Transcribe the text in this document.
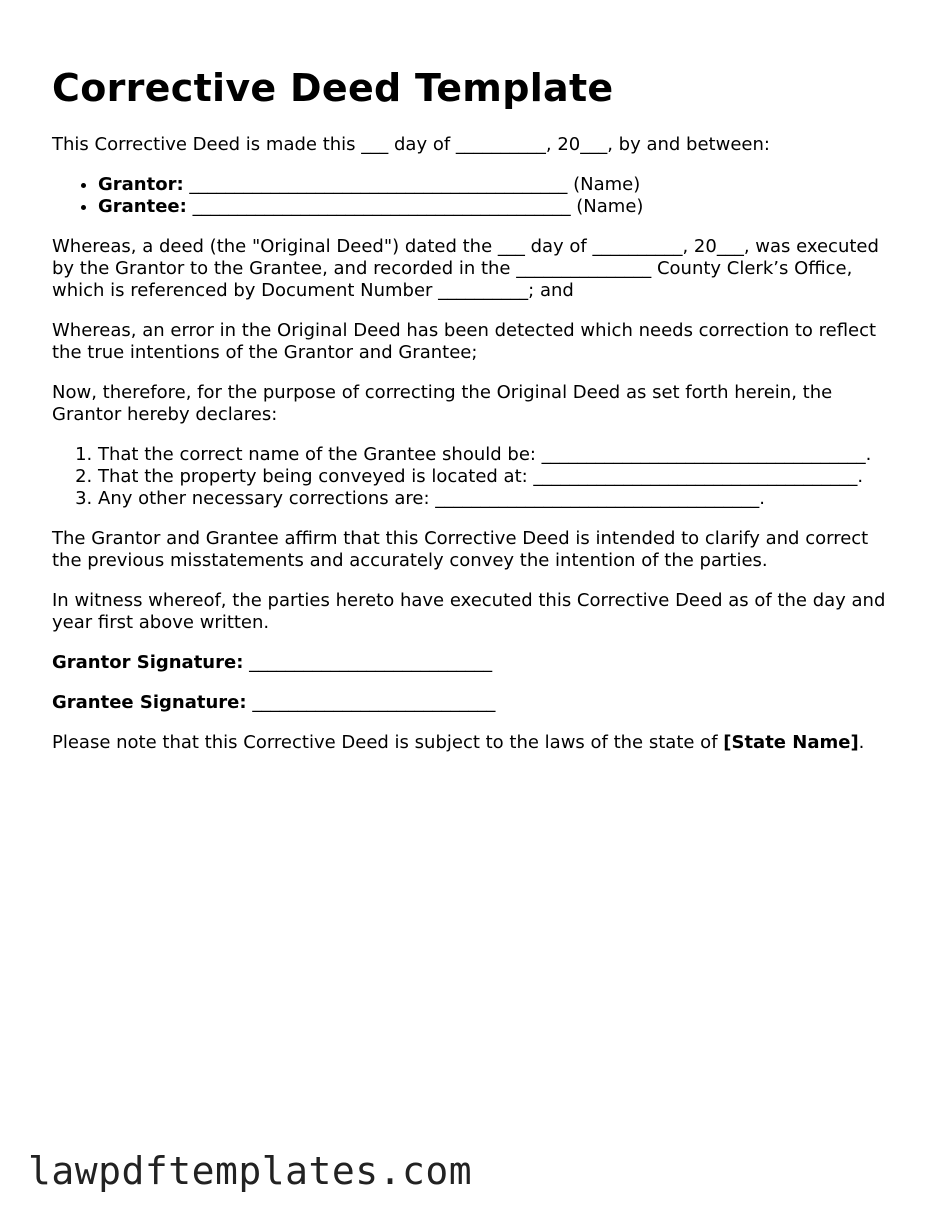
Corrective Deed Template

This Corrective Deed is made this ___ day of __________, 20___, by and between:

• Grantor: __________________________________________ (Name)
• Grantee: __________________________________________ (Name)

Whereas, a deed (the "Original Deed") dated the ___ day of __________, 20___, was executed by the Grantor to the Grantee, and recorded in the _______________ County Clerk’s Office, which is referenced by Document Number __________; and

Whereas, an error in the Original Deed has been detected which needs correction to reflect the true intentions of the Grantor and Grantee;

Now, therefore, for the purpose of correcting the Original Deed as set forth herein, the Grantor hereby declares:

1. That the correct name of the Grantee should be: ____________________________________.
2. That the property being conveyed is located at: ____________________________________.
3. Any other necessary corrections are: ____________________________________.

The Grantor and Grantee affirm that this Corrective Deed is intended to clarify and correct the previous misstatements and accurately convey the intention of the parties.

In witness whereof, the parties hereto have executed this Corrective Deed as of the day and year first above written.

Grantor Signature: ___________________________

Grantee Signature: ___________________________

Please note that this Corrective Deed is subject to the laws of the state of [State Name].

lawpdftemplates.com
